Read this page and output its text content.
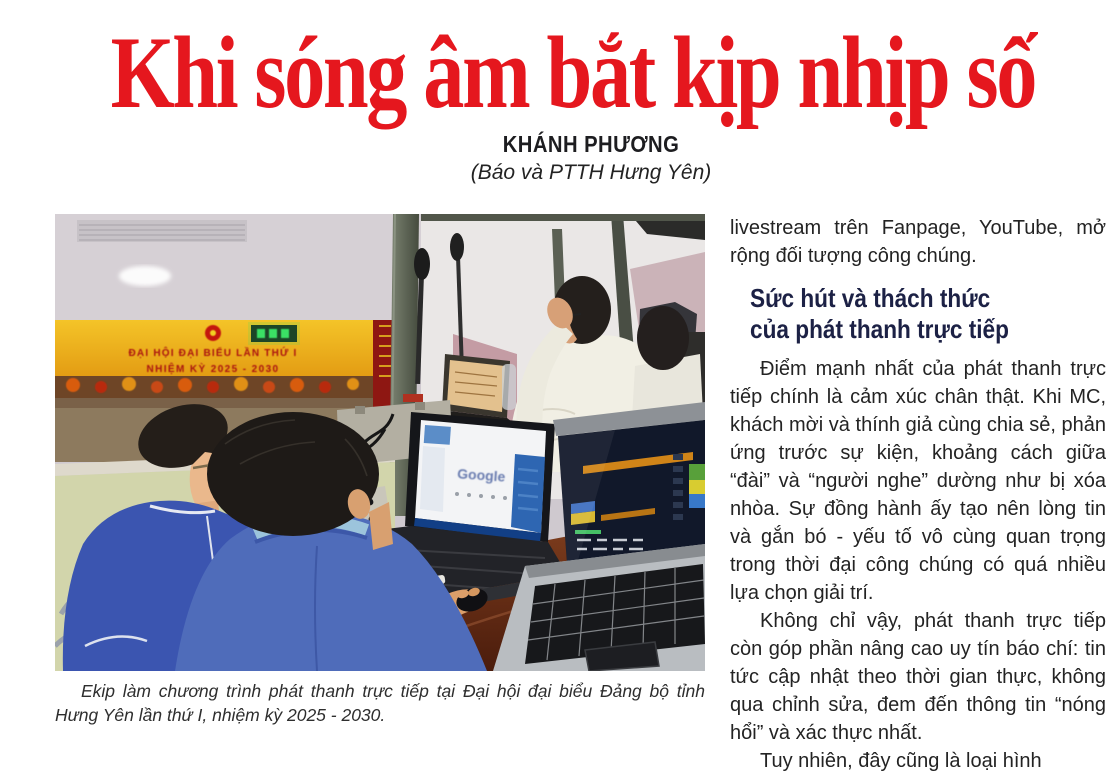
Khi sóng âm bắt kịp nhịp số
KHÁNH PHƯƠNG
(Báo và PTTH Hưng Yên)
ĐẠI HỘI ĐẠI BIỂU LẦN THỨ I
NHIỆM KỲ 2025 - 2030
Google
Ekip làm chương trình phát thanh trực tiếp tại Đại hội đại biểu Đảng bộ tỉnh Hưng Yên lần thứ I, nhiệm kỳ 2025 - 2030.

livestream trên Fanpage, YouTube, mở rộng đối tượng công chúng.

Sức hút và thách thức
của phát thanh trực tiếp

Điểm mạnh nhất của phát thanh trực tiếp chính là cảm xúc chân thật. Khi MC, khách mời và thính giả cùng chia sẻ, phản ứng trước sự kiện, khoảng cách giữa “đài” và “người nghe” dường như bị xóa nhòa. Sự đồng hành ấy tạo nên lòng tin và gắn bó - yếu tố vô cùng quan trọng trong thời đại công chúng có quá nhiều lựa chọn giải trí.

Không chỉ vậy, phát thanh trực tiếp còn góp phần nâng cao uy tín báo chí: tin tức cập nhật theo thời gian thực, không qua chỉnh sửa, đem đến thông tin “nóng hổi” và xác thực nhất.

Tuy nhiên, đây cũng là loại hình
